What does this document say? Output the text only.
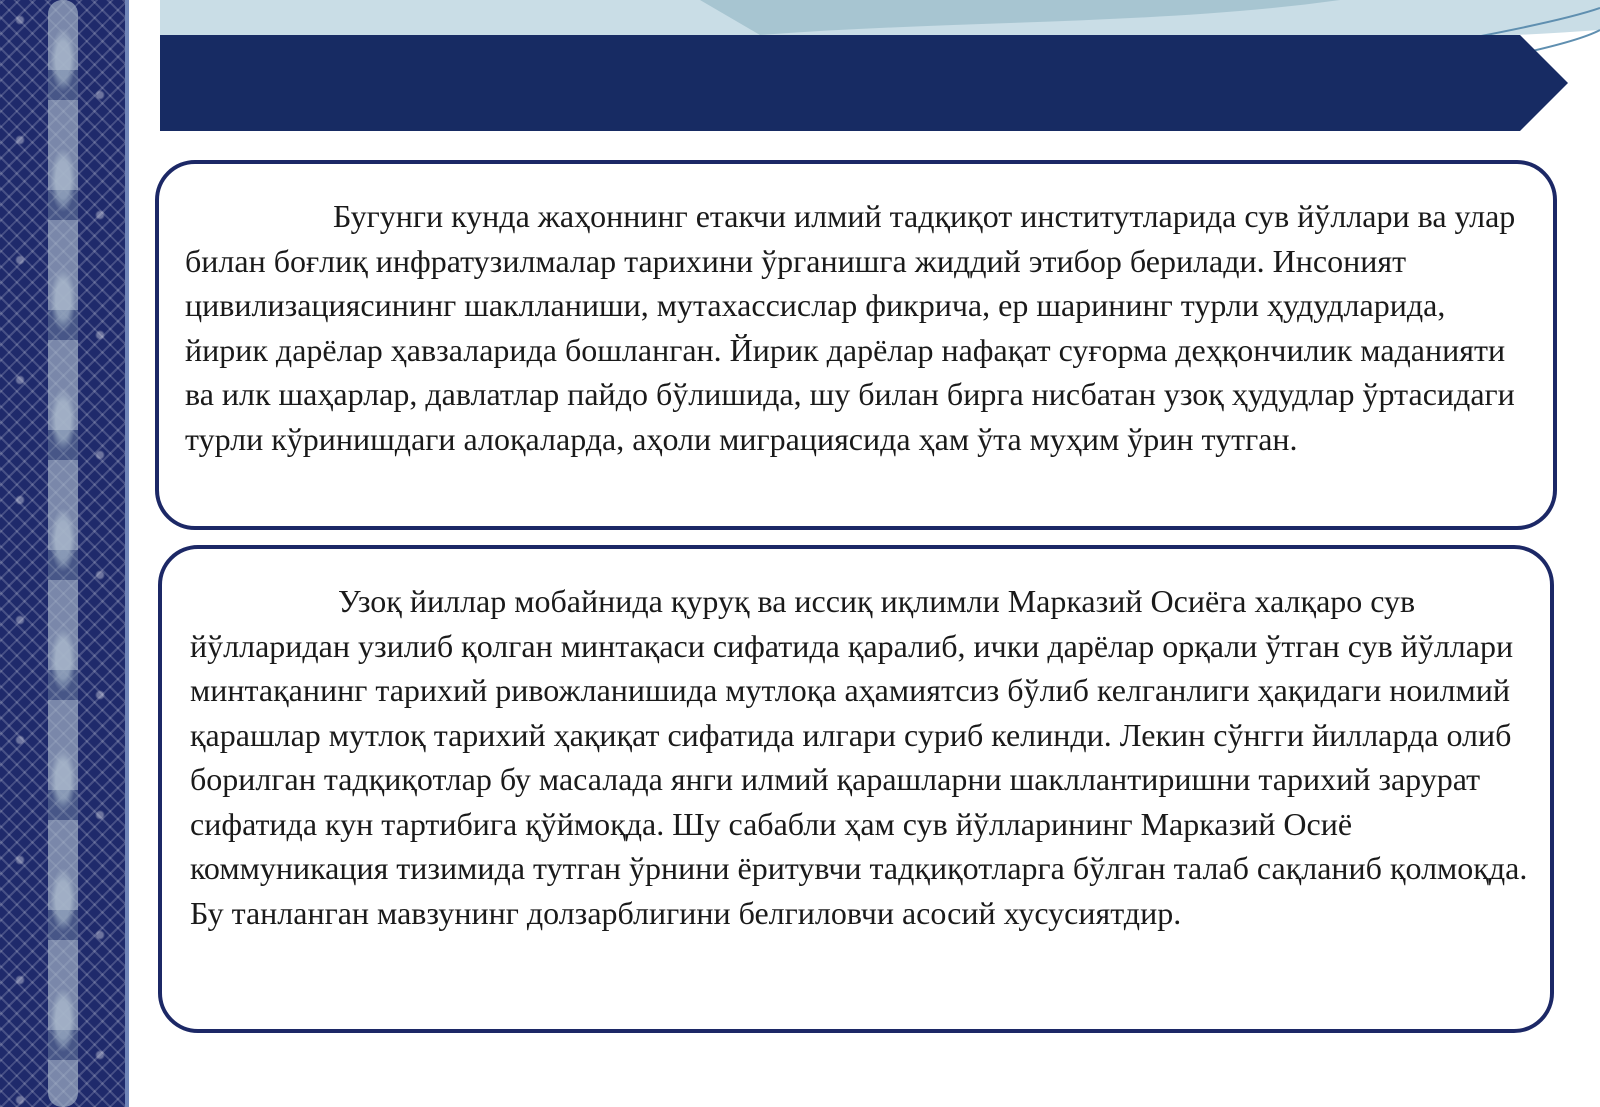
Бугунги кунда жаҳоннинг етакчи илмий тадқиқот институтларида сув йўллари ва улар билан боғлиқ инфратузилмалар тарихини ўрганишга жиддий этибор берилади. Инсоният цивилизациясининг шаклланиши, мутахассислар фикрича, ер шарининг турли ҳудудларида, йирик дарёлар ҳавзаларида бошланган. Йирик дарёлар нафақат суғорма деҳқончилик маданияти ва илк шаҳарлар, давлатлар пайдо бўлишида, шу билан бирга нисбатан узоқ ҳудудлар ўртасидаги турли кўринишдаги алоқаларда, аҳоли миграциясида ҳам ўта муҳим ўрин тутган.

Узоқ йиллар мобайнида қуруқ ва иссиқ иқлимли Марказий Осиёга халқаро сув йўлларидан узилиб қолган минтақаси сифатида қаралиб, ички дарёлар орқали ўтган сув йўллари минтақанинг тарихий ривожланишида мутлоқа аҳамиятсиз бўлиб келганлиги ҳақидаги ноилмий қарашлар мутлоқ тарихий ҳақиқат сифатида илгари суриб келинди. Лекин сўнгги йилларда олиб борилган тадқиқотлар бу масалада янги илмий қарашларни шакллантиришни тарихий зарурат сифатида кун тартибига қўймоқда. Шу сабабли ҳам сув йўлларининг Марказий Осиё коммуникация тизимида тутган ўрнини ёритувчи тадқиқотларга бўлган талаб сақланиб қолмоқда. Бу танланган мавзунинг долзарблигини белгиловчи асосий хусусиятдир.
